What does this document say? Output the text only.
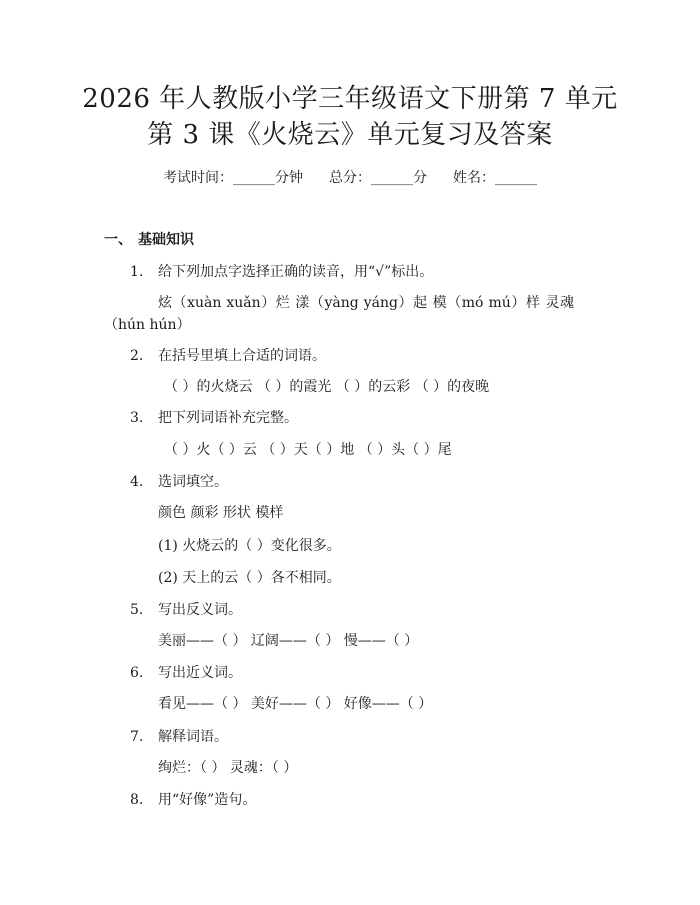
2026 年人教版小学三年级语文下册第 7 单元
第 3 课《火烧云》单元复习及答案
考试时间：______分钟 总分：______分 姓名：______
一、 基础知识
1. 给下列加点字选择正确的读音，用“√”标出。
炫（xuàn xuǎn）烂 漾（yàng yáng）起 模（mó mú）样 灵魂（hún hún）
2. 在括号里填上合适的词语。
（ ）的火烧云 （ ）的霞光 （ ）的云彩 （ ）的夜晚
3. 把下列词语补充完整。
（ ）火（ ）云 （ ）天（ ）地 （ ）头（ ）尾
4. 选词填空。
颜色 颜彩 形状 模样
(1) 火烧云的（ ）变化很多。
(2) 天上的云（ ）各不相同。
5. 写出反义词。
美丽——（ ） 辽阔——（ ） 慢——（ ）
6. 写出近义词。
看见——（ ） 美好——（ ） 好像——（ ）
7. 解释词语。
绚烂：（ ） 灵魂：（ ）
8. 用“好像”造句。
